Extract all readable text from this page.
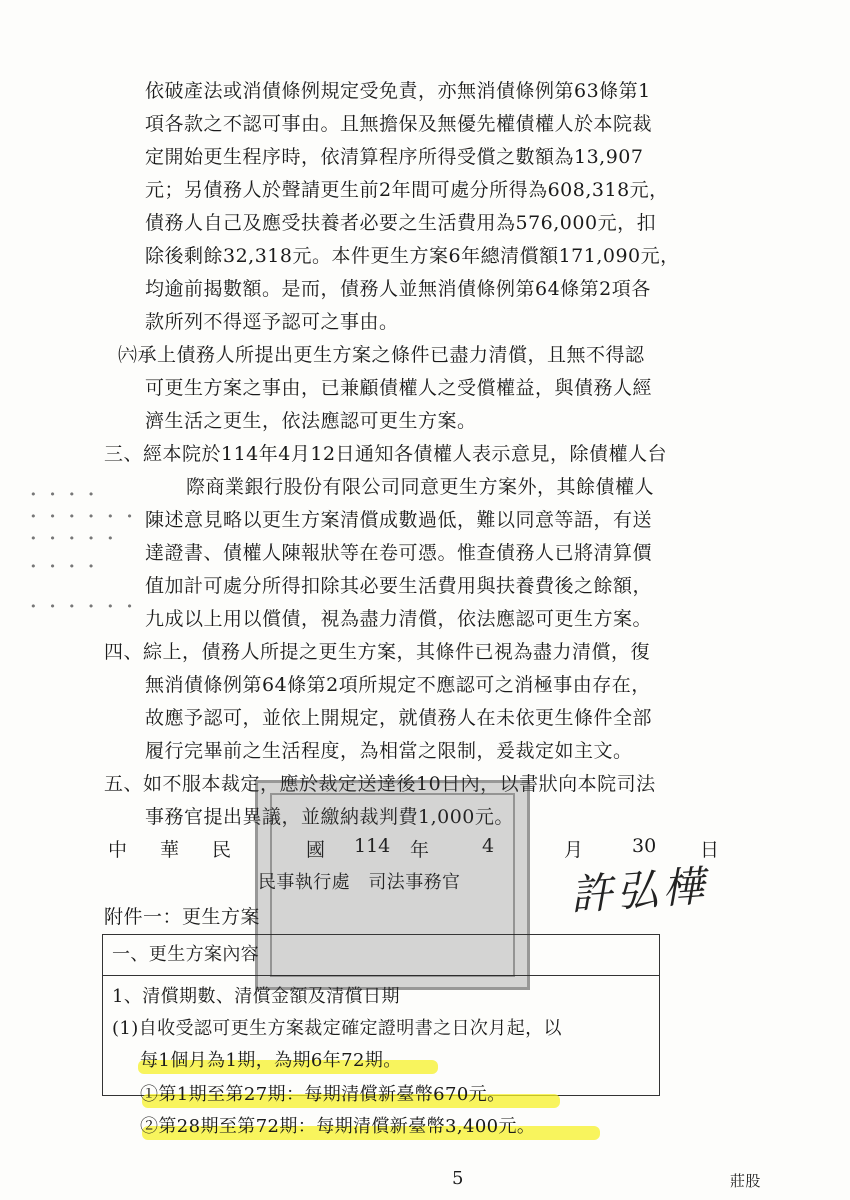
• • • •
• • • • • •
• • • • •
• • • •
• • • • • •
依破產法或消債條例規定受免責，亦無消債條例第63條第1
項各款之不認可事由。且無擔保及無優先權債權人於本院裁
定開始更生程序時，依清算程序所得受償之數額為13,907
元；另債務人於聲請更生前2年間可處分所得為608,318元，
債務人自己及應受扶養者必要之生活費用為576,000元，扣
除後剩餘32,318元。本件更生方案6年總清償額171,090元，
均逾前揭數額。是而，債務人並無消債條例第64條第2項各
款所列不得逕予認可之事由。
㈥承上債務人所提出更生方案之條件已盡力清償，且無不得認
可更生方案之事由，已兼顧債權人之受償權益，與債務人經
濟生活之更生，依法應認可更生方案。
三、經本院於114年4月12日通知各債權人表示意見，除債權人台
際商業銀行股份有限公司同意更生方案外，其餘債權人
陳述意見略以更生方案清償成數過低，難以同意等語，有送
達證書、債權人陳報狀等在卷可憑。惟查債務人已將清算價
值加計可處分所得扣除其必要生活費用與扶養費後之餘額，
九成以上用以償債，視為盡力清償，依法應認可更生方案。
四、綜上，債務人所提之更生方案，其條件已視為盡力清償，復
無消債條例第64條第2項所規定不應認可之消極事由存在，
故應予認可，並依上開規定，就債務人在未依更生條件全部
履行完畢前之生活程度，為相當之限制，爰裁定如主文。
五、如不服本裁定，應於裁定送達後10日內，以書狀向本院司法
事務官提出異議，並繳納裁判費1,000元。
中 華 民	國 114 年	4	月	30 日
民事執行處　司法事務官	許弘樺
附件一：更生方案
一、更生方案內容
1、清償期數、清償金額及清償日期
(1)自收受認可更生方案裁定確定證明書之日次月起，以
每1個月為1期，為期6年72期。
①第1期至第27期：每期清償新臺幣670元。
②第28期至第72期：每期清償新臺幣3,400元。
5	莊股
